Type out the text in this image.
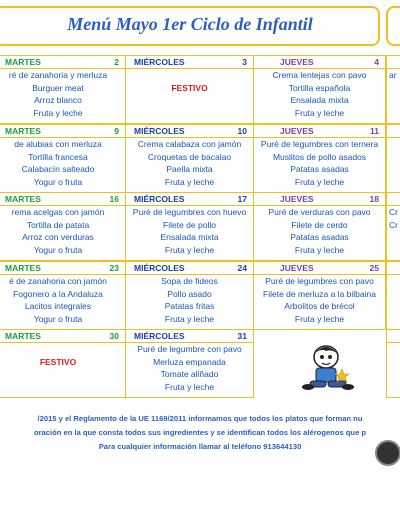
Menú Mayo 1er Ciclo de Infantil
MARTES	2
ré de zanahoria y merluza
Burguer meat
Arroz blanco
Fruta y leche
MIÉRCOLES	3

FESTIVO

JUEVES	4
Crema lentejas con pavo
Tortilla española
Ensalada mixta
Fruta y leche
ar

MARTES	9
de alubias con merluza
Tortilla francesa
Calabacín salteado
Yogur o fruta
MIÉRCOLES	10
Crema calabaza con jamón
Croquetas de bacalao
Paella mixta
Fruta y leche
JUEVES	11
Puré de legumbres con ternera
Muslitos de pollo asados
Patatas asadas
Fruta y leche

MARTES	16
rema acelgas con jamón
Tortilla de patata
Arroz con verduras
Yogur o fruta
MIÉRCOLES	17
Puré de legumbres con huevo
Filete de pollo
Ensalada mixta
Fruta y leche
JUEVES	18
Puré de verduras con pavo
Filete de cerdo
Patatas asadas
Fruta y leche
Cr
Cr

MARTES	23
é de zanahoria con jamón
Fogonero a la Andaluza
Lacitos integrales
Yogur o fruta
MIÉRCOLES	24
Sopa de fideos
Pollo asado
Patatas fritas
Fruta y leche
JUEVES	25
Puré de legumbres con pavo
Filete de merluza a la bilbaina
Arbolitos de brécol
Fruta y leche

MARTES	30

FESTIVO

MIÉRCOLES	31
Puré de legumbre con pavo
Merluza empanada
Tomate aliñado
Fruta y leche

/2015 y el Reglamento de la UE 1169/2011 informamos que todos los platos que forman nu
oración en la que consta todos sus ingredientes y se identifican todos los alérogenos que p
Para cualquier información llamar al teléfono 913644130
